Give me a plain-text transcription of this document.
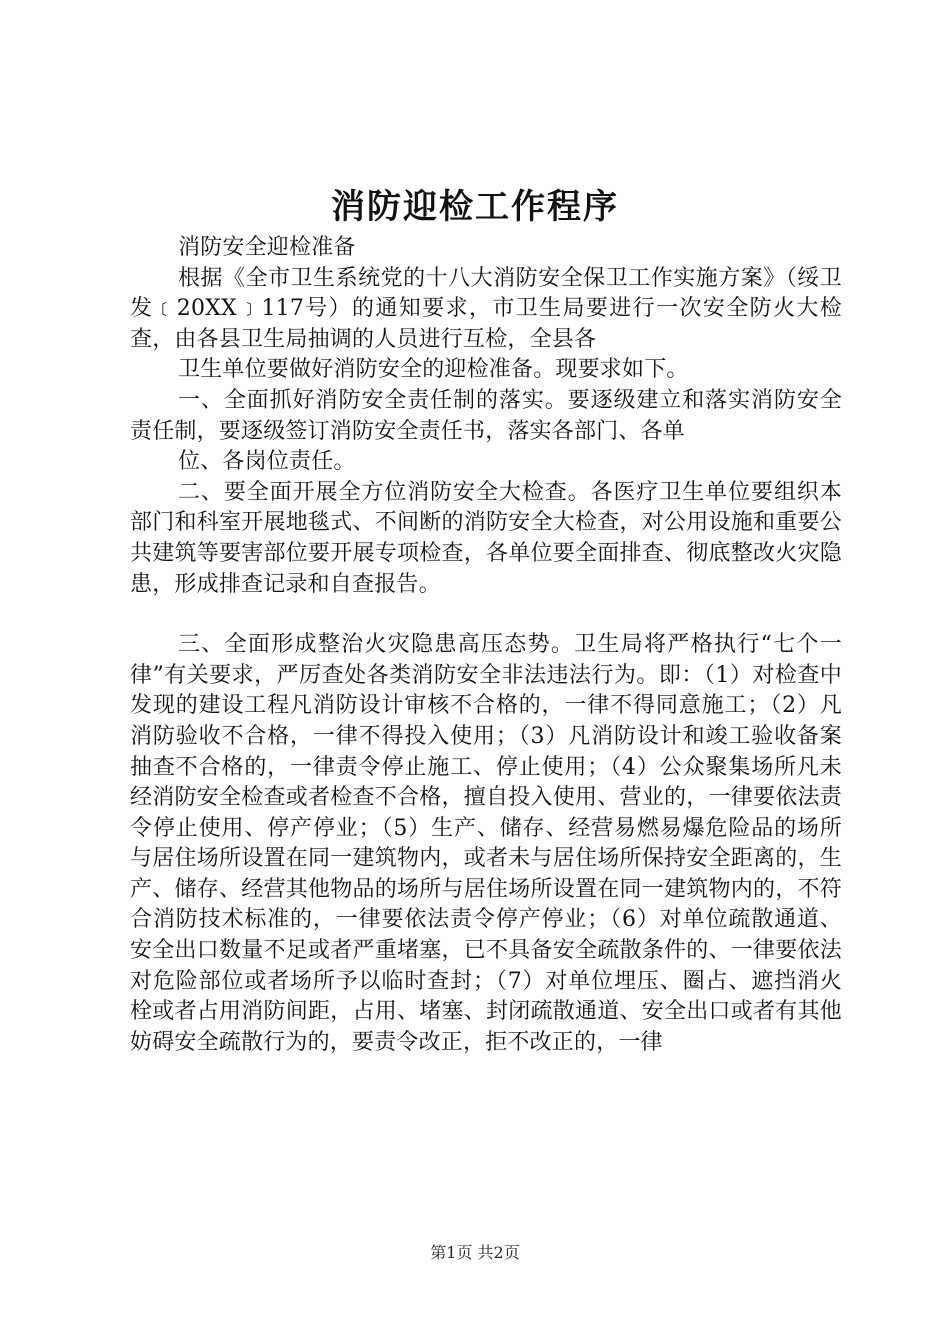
消防迎检工作程序

消防安全迎检准备

根据《全市卫生系统党的十八大消防安全保卫工作实施方案》（绥卫发﹝20XX﹞117号）的通知要求，市卫生局要进行一次安全防火大检查，由各县卫生局抽调的人员进行互检，全县各

卫生单位要做好消防安全的迎检准备。现要求如下。

一、全面抓好消防安全责任制的落实。要逐级建立和落实消防安全责任制，要逐级签订消防安全责任书，落实各部门、各单

位、各岗位责任。

二、要全面开展全方位消防安全大检查。各医疗卫生单位要组织本部门和科室开展地毯式、不间断的消防安全大检查，对公用设施和重要公共建筑等要害部位要开展专项检查，各单位要全面排查、彻底整改火灾隐患，形成排查记录和自查报告。

三、全面形成整治火灾隐患高压态势。卫生局将严格执行“七个一律”有关要求，严厉查处各类消防安全非法违法行为。即：（1）对检查中发现的建设工程凡消防设计审核不合格的，一律不得同意施工；（2）凡消防验收不合格，一律不得投入使用；（3）凡消防设计和竣工验收备案抽查不合格的，一律责令停止施工、停止使用；（4）公众聚集场所凡未经消防安全检查或者检查不合格，擅自投入使用、营业的，一律要依法责令停止使用、停产停业；（5）生产、储存、经营易燃易爆危险品的场所与居住场所设置在同一建筑物内，或者未与居住场所保持安全距离的，生产、储存、经营其他物品的场所与居住场所设置在同一建筑物内的，不符合消防技术标准的，一律要依法责令停产停业；（6）对单位疏散通道、安全出口数量不足或者严重堵塞，已不具备安全疏散条件的、一律要依法对危险部位或者场所予以临时查封；（7）对单位埋压、圈占、遮挡消火栓或者占用消防间距，占用、堵塞、封闭疏散通道、安全出口或者有其他妨碍安全疏散行为的，要责令改正，拒不改正的，一律

第1页 共2页
